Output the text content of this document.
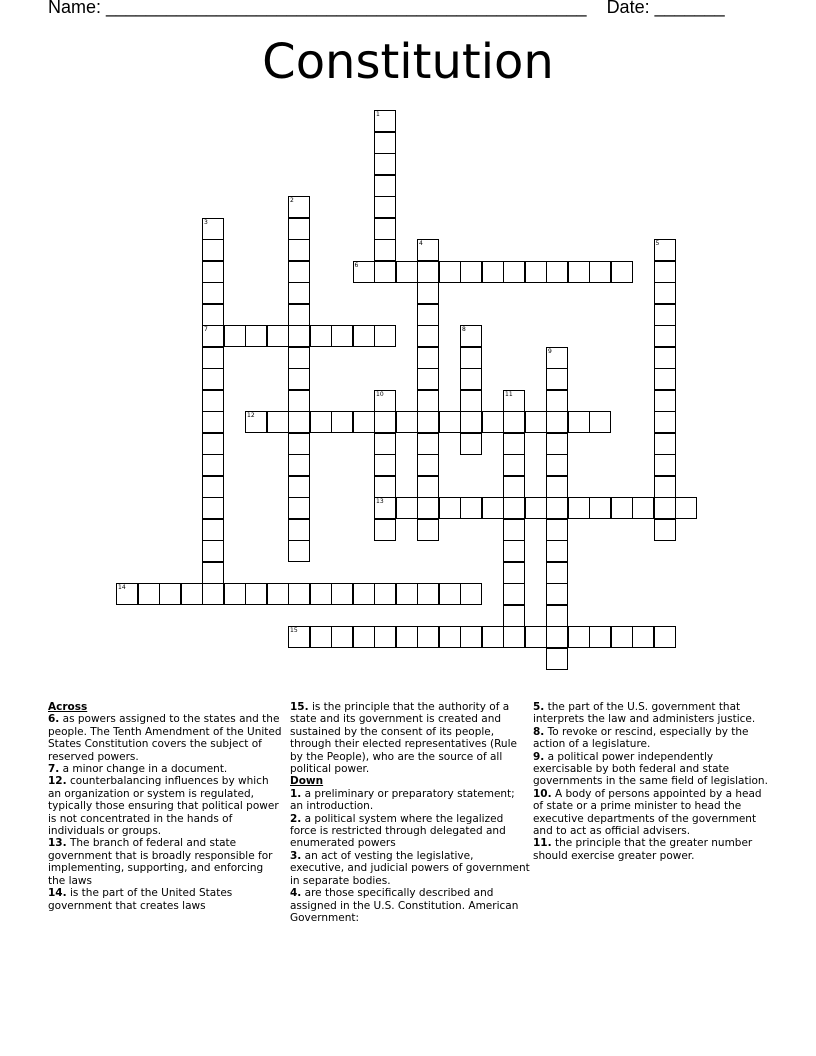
Name: ________________________________________________ Date: _______
Constitution
1
2
3
7
4	5
6
8
9
10
13
11
12
14
15
Across

6. as powers assigned to the states and the people. The Tenth Amendment of the United States Constitution covers the subject of reserved powers.

7. a minor change in a document.

12. counterbalancing influences by which an organization or system is regulated, typically those ensuring that political power is not concentrated in the hands of individuals or groups.

13. The branch of federal and state government that is broadly responsible for implementing, supporting, and enforcing the laws

14. is the part of the United States government that creates laws

15. is the principle that the authority of a state and its government is created and sustained by the consent of its people, through their elected representatives (Rule by the People), who are the source of all political power.

Down

1. a preliminary or preparatory statement; an introduction.

2. a political system where the legalized force is restricted through delegated and enumerated powers

3. an act of vesting the legislative, executive, and judicial powers of government in separate bodies.

4. are those specifically described and assigned in the U.S. Constitution. American Government:

5. the part of the U.S. government that interprets the law and administers justice.

8. To revoke or rescind, especially by the action of a legislature.

9. a political power independently exercisable by both federal and state governments in the same field of legislation.

10. A body of persons appointed by a head of state or a prime minister to head the executive departments of the government and to act as official advisers.

11. the principle that the greater number should exercise greater power.
